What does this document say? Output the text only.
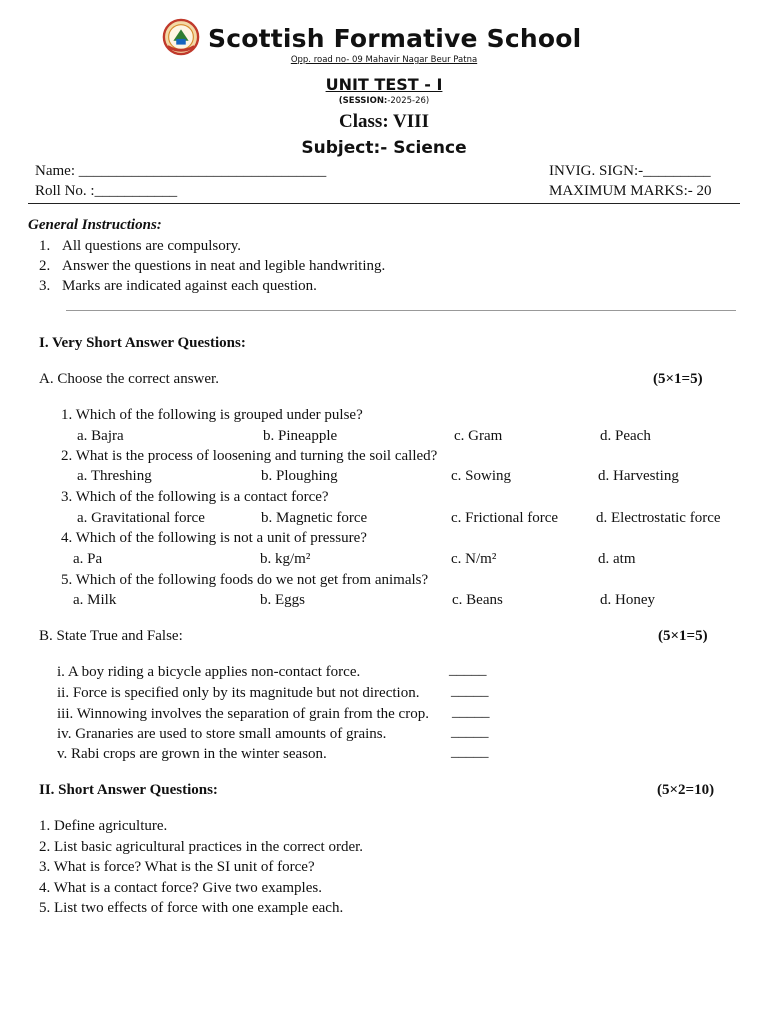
Scottish Formative School
Opp. road no- 09 Mahavir Nagar Beur Patna
UNIT TEST - I
(SESSION:-2025-26)
Class: VIII
Subject:- Science
Name: _________________________________
Roll No. :___________
INVIG. SIGN:-_________
MAXIMUM MARKS:- 20
General Instructions:
1. All questions are compulsory.
2. Answer the questions in neat and legible handwriting.
3. Marks are indicated against each question.
I. Very Short Answer Questions:
A. Choose the correct answer.	(5×1=5)
1. Which of the following is grouped under pulse?
a. Bajra	b. Pineapple	c. Gram	d. Peach
2. What is the process of loosening and turning the soil called?
a. Threshing	b. Ploughing	c. Sowing	d. Harvesting
3. Which of the following is a contact force?
a. Gravitational force	b. Magnetic force	c. Frictional force	d. Electrostatic force
4. Which of the following is not a unit of pressure?
a. Pa	b. kg/m²	c. N/m²	d. atm
5. Which of the following foods do we not get from animals?
a. Milk	b. Eggs	c. Beans	d. Honey
B. State True and False:	(5×1=5)
i. A boy riding a bicycle applies non-contact force.	_____
ii. Force is specified only by its magnitude but not direction. _____
iii. Winnowing involves the separation of grain from the crop. _____
iv. Granaries are used to store small amounts of grains.	_____
v. Rabi crops are grown in the winter season.	_____
II. Short Answer Questions:	(5×2=10)
1. Define agriculture.
2. List basic agricultural practices in the correct order.
3. What is force? What is the SI unit of force?
4. What is a contact force? Give two examples.
5. List two effects of force with one example each.
